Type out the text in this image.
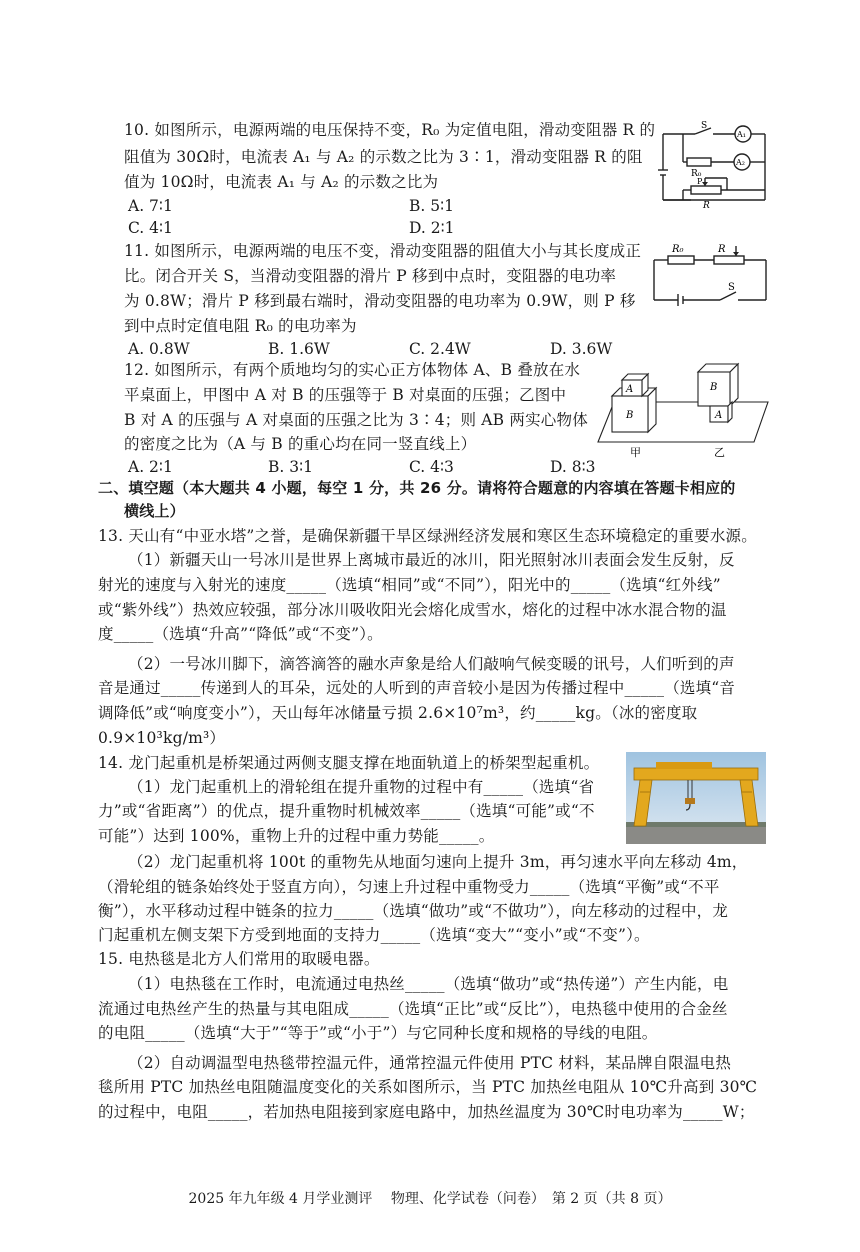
10. 如图所示，电源两端的电压保持不变，R₀ 为定值电阻，滑动变阻器 R 的
阻值为 30Ω时，电流表 A₁ 与 A₂ 的示数之比为 3∶1，滑动变阻器 R 的阻
值为 10Ω时，电流表 A₁ 与 A₂ 的示数之比为
A. 7∶1	B. 5∶1
C. 4∶1	D. 2∶1
S
A₁
A₂
R₀
P
R
11. 如图所示，电源两端的电压不变，滑动变阻器的阻值大小与其长度成正
比。闭合开关 S，当滑动变阻器的滑片 P 移到中点时，变阻器的电功率
为 0.8W；滑片 P 移到最右端时，滑动变阻器的电功率为 0.9W，则 P 移
到中点时定值电阻 R₀ 的电功率为
A. 0.8W	B. 1.6W	C. 2.4W	D. 3.6W
R₀	R
S
12. 如图所示，有两个质地均匀的实心正方体物体 A、B 叠放在水
平桌面上，甲图中 A 对 B 的压强等于 B 对桌面的压强；乙图中
B 对 A 的压强与 A 对桌面的压强之比为 3∶4；则 AB 两实心物体
的密度之比为（A 与 B 的重心均在同一竖直线上）
A. 2∶1	B. 3∶1	C. 4∶3	D. 8∶3
A
B
B
A
甲	乙
二、填空题（本大题共 4 小题，每空 1 分，共 26 分。请将符合题意的内容填在答题卡相应的
横线上）
13. 天山有“中亚水塔”之誉，是确保新疆干旱区绿洲经济发展和寒区生态环境稳定的重要水源。
（1）新疆天山一号冰川是世界上离城市最近的冰川，阳光照射冰川表面会发生反射，反
射光的速度与入射光的速度_____（选填“相同”或“不同”），阳光中的_____（选填“红外线”
或“紫外线”）热效应较强，部分冰川吸收阳光会熔化成雪水，熔化的过程中冰水混合物的温
度_____（选填“升高”“降低”或“不变”）。
（2）一号冰川脚下，滴答滴答的融水声象是给人们敲响气候变暖的讯号，人们听到的声
音是通过_____传递到人的耳朵，远处的人听到的声音较小是因为传播过程中_____（选填“音
调降低”或“响度变小”），天山每年冰储量亏损 2.6×10⁷m³，约_____kg。（冰的密度取
0.9×10³kg/m³）
14. 龙门起重机是桥架通过两侧支腿支撑在地面轨道上的桥架型起重机。
（1）龙门起重机上的滑轮组在提升重物的过程中有_____（选填“省
力”或“省距离”）的优点，提升重物时机械效率_____（选填“可能”或“不
可能”）达到 100%，重物上升的过程中重力势能_____。
（2）龙门起重机将 100t 的重物先从地面匀速向上提升 3m，再匀速水平向左移动 4m，
（滑轮组的链条始终处于竖直方向），匀速上升过程中重物受力_____（选填“平衡”或“不平
衡”），水平移动过程中链条的拉力_____（选填“做功”或“不做功”），向左移动的过程中，龙
门起重机左侧支架下方受到地面的支持力_____（选填“变大”“变小”或“不变”）。
15. 电热毯是北方人们常用的取暖电器。
（1）电热毯在工作时，电流通过电热丝_____（选填“做功”或“热传递”）产生内能，电
流通过电热丝产生的热量与其电阻成_____（选填“正比”或“反比”），电热毯中使用的合金丝
的电阻_____（选填“大于”“等于”或“小于”）与它同种长度和规格的导线的电阻。
（2）自动调温型电热毯带控温元件，通常控温元件使用 PTC 材料，某品牌自限温电热
毯所用 PTC 加热丝电阻随温度变化的关系如图所示，当 PTC 加热丝电阻从 10℃升高到 30℃
的过程中，电阻_____，若加热电阻接到家庭电路中，加热丝温度为 30℃时电功率为_____W；
2025 年九年级 4 月学业测评　 物理、化学试卷（问卷）　第 2 页（共 8 页）
